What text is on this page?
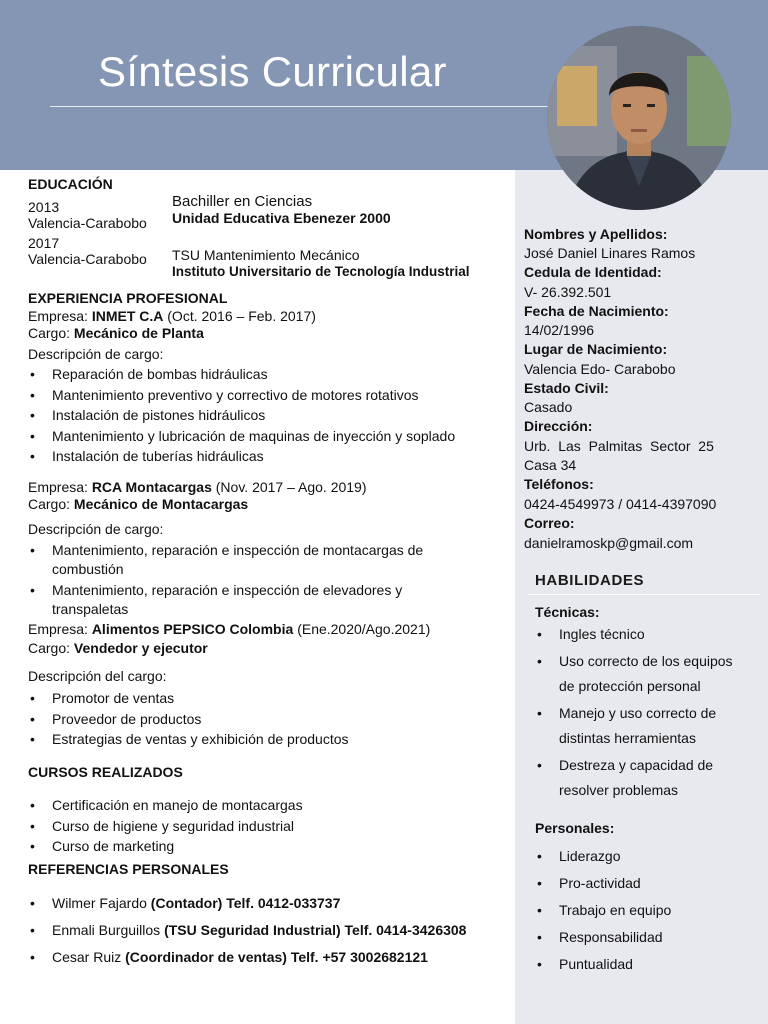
Síntesis Curricular
EDUCACIÓN
2013
Valencia-Carabobo
Bachiller en Ciencias
Unidad Educativa Ebenezer 2000
2017
Valencia-Carabobo TSU Mantenimiento Mecánico
Instituto Universitario de Tecnología Industrial
EXPERIENCIA PROFESIONAL
Empresa: INMET C.A (Oct. 2016 – Feb. 2017)
Cargo: Mecánico de Planta
Descripción de cargo:
• Reparación de bombas hidráulicas
• Mantenimiento preventivo y correctivo de motores rotativos
• Instalación de pistones hidráulicos
• Mantenimiento y lubricación de maquinas de inyección y soplado
• Instalación de tuberías hidráulicas
Empresa: RCA Montacargas (Nov. 2017 – Ago. 2019)
Cargo: Mecánico de Montacargas
Descripción de cargo:
• Mantenimiento, reparación e inspección de montacargas de combustión
• Mantenimiento, reparación e inspección de elevadores y transpaletas
Empresa: Alimentos PEPSICO Colombia (Ene.2020/Ago.2021)
Cargo: Vendedor y ejecutor
Descripción del cargo:
• Promotor de ventas
• Proveedor de productos
• Estrategias de ventas y exhibición de productos
CURSOS REALIZADOS
• Certificación en manejo de montacargas
• Curso de higiene y seguridad industrial
• Curso de marketing
REFERENCIAS PERSONALES
• Wilmer Fajardo (Contador) Telf. 0412-033737
• Enmali Burguillos (TSU Seguridad Industrial) Telf. 0414-3426308
• Cesar Ruiz (Coordinador de ventas) Telf. +57 3002682121
Nombres y Apellidos:
José Daniel Linares Ramos
Cedula de Identidad:
V- 26.392.501
Fecha de Nacimiento:
14/02/1996
Lugar de Nacimiento:
Valencia Edo- Carabobo
Estado Civil:
Casado
Dirección:
Urb.  Las  Palmitas  Sector  25
Casa 34
Teléfonos:
0424-4549973 / 0414-4397090
Correo:
danielramoskp@gmail.com
HABILIDADES
Técnicas:
• Ingles técnico
• Uso correcto de los equipos
de protección personal
• Manejo y uso correcto de
distintas herramientas
• Destreza y capacidad de
resolver problemas
Personales:
• Liderazgo
• Pro-actividad
• Trabajo en equipo
• Responsabilidad
• Puntualidad
